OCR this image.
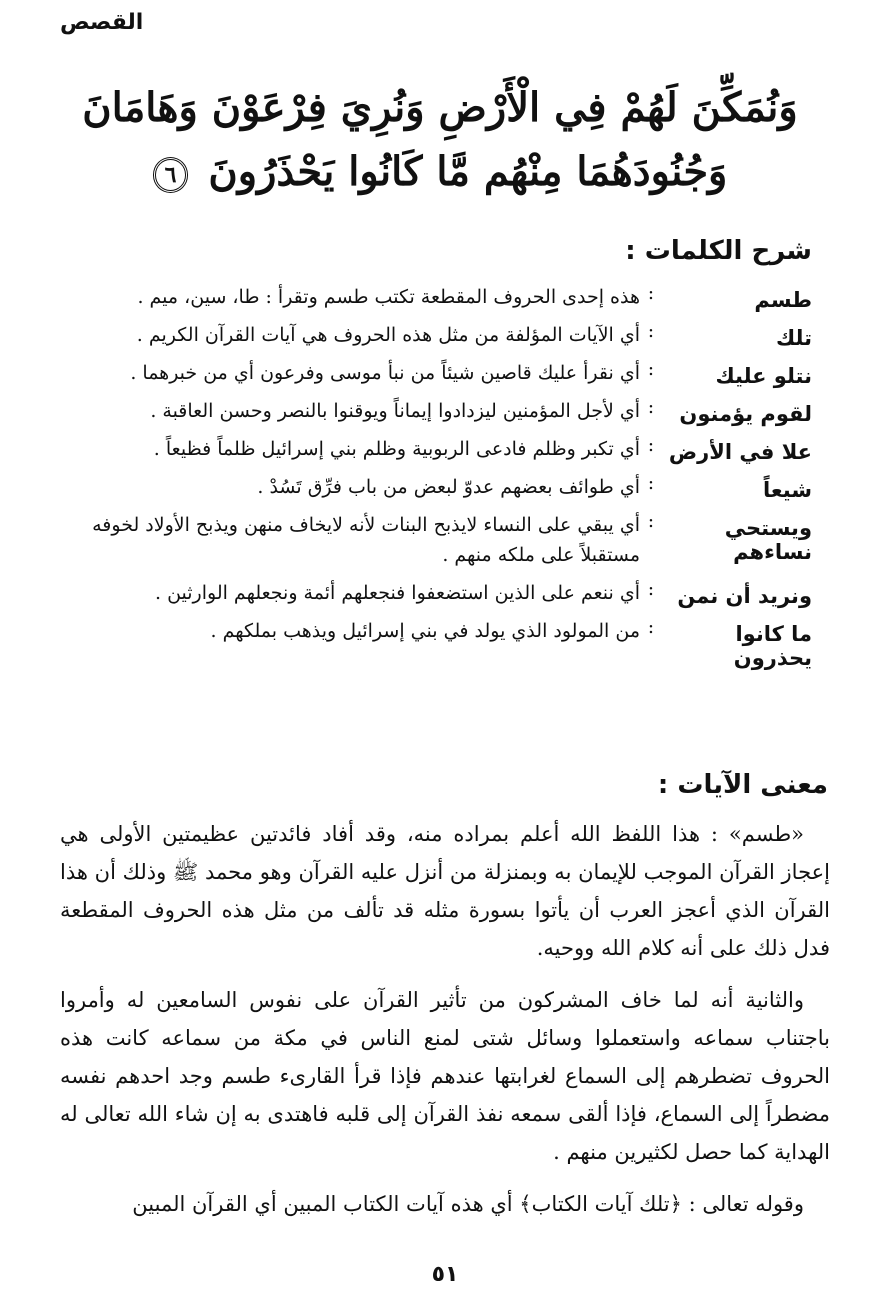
القصص
وَنُمَكِّنَ لَهُمْ فِي الْأَرْضِ وَنُرِيَ فِرْعَوْنَ وَهَامَانَ وَجُنُودَهُمَا مِنْهُم مَّا كَانُوا يَحْذَرُونَ ٦
شرح الكلمات :
طسم
:
هذه إحدى الحروف المقطعة تكتب طسم وتقرأ : طا، سين، ميم .
تلك
:
أي الآيات المؤلفة من مثل هذه الحروف هي آيات القرآن الكريم .
نتلو عليك
:
أي نقرأ عليك قاصين شيئاً من نبأ موسى وفرعون أي من خبرهما .
لقوم يؤمنون
:
أي لأجل المؤمنين ليزدادوا إيماناً ويوقنوا بالنصر وحسن العاقبة .
علا في الأرض
:
أي تكبر وظلم فادعى الربوبية وظلم بني إسرائيل ظلماً فظيعاً .
شيعاً
:
أي طوائف بعضهم عدوّ لبعض من باب فرِّق تَسُدْ .
ويستحي نساءهم
:
أي يبقي على النساء لايذبح البنات لأنه لايخاف منهن ويذبح الأولاد لخوفه مستقبلاً على ملكه منهم .
ونريد أن نمن
:
أي ننعم على الذين استضعفوا فنجعلهم أئمة ونجعلهم الوارثين .
ما كانوا يحذرون
:
من المولود الذي يولد في بني إسرائيل ويذهب بملكهم .
معنى الآيات :

«طسم» : هذا اللفظ الله أعلم بمراده منه، وقد أفاد فائدتين عظيمتين الأولى هي إعجاز القرآن الموجب للإيمان به وبمنزلة من أنزل عليه القرآن وهو محمد ﷺ وذلك أن هذا القرآن الذي أعجز العرب أن يأتوا بسورة مثله قد تألف من مثل هذه الحروف المقطعة فدل ذلك على أنه كلام الله ووحيه.

والثانية أنه لما خاف المشركون من تأثير القرآن على نفوس السامعين له وأمروا باجتناب سماعه واستعملوا وسائل شتى لمنع الناس في مكة من سماعه كانت هذه الحروف تضطرهم إلى السماع لغرابتها عندهم فإذا قرأ القارىء طسم وجد احدهم نفسه مضطراً إلى السماع، فإذا ألقى سمعه نفذ القرآن إلى قلبه فاهتدى به إن شاء الله تعالى له الهداية كما حصل لكثيرين منهم .

وقوله تعالى : ﴿تلك آيات الكتاب﴾ أي هذه آيات الكتاب المبين أي القرآن المبين

٥١
